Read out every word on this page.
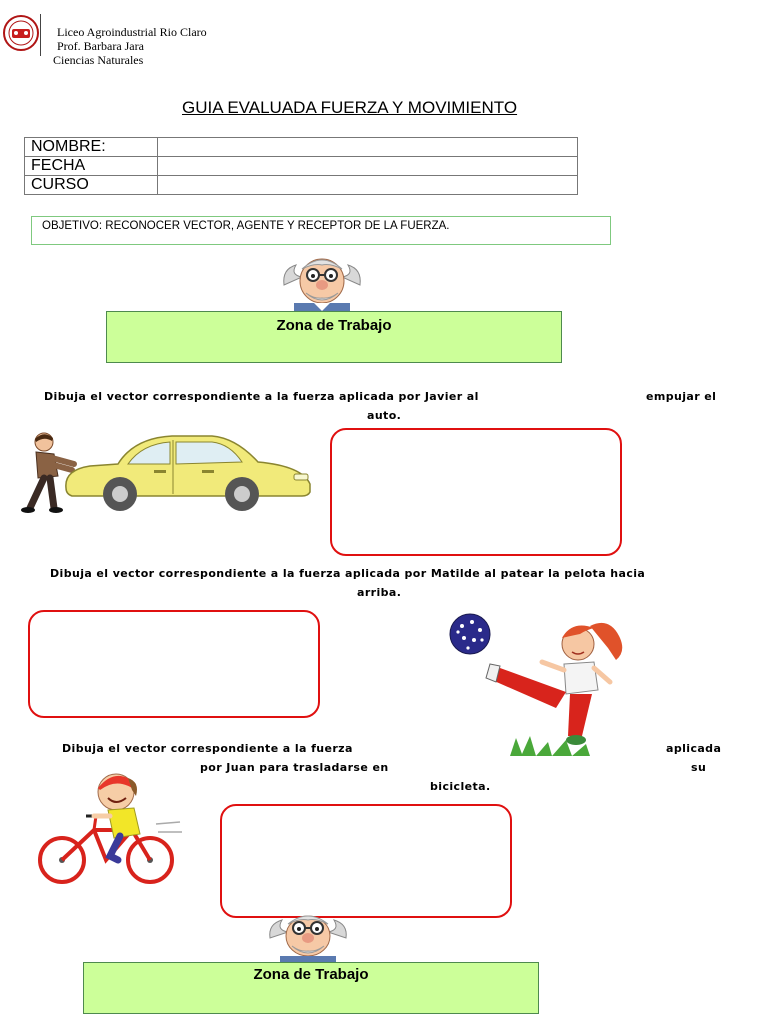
Liceo Agroindustrial Rio Claro
Prof. Barbara Jara
Ciencias Naturales
GUIA EVALUADA FUERZA Y MOVIMIENTO
NOMBRE:	
FECHA	
CURSO	
OBJETIVO: RECONOCER VECTOR, AGENTE Y RECEPTOR DE LA FUERZA.
Zona de Trabajo
Dibuja el vector correspondiente a la fuerza aplicada por Javier al	empujar el
auto.
Dibuja el vector correspondiente a la fuerza aplicada por Matilde al patear la pelota hacia
arriba.
Dibuja el vector correspondiente a la fuerza	aplicada
por Juan para trasladarse en	su
bicicleta.
Zona de Trabajo
